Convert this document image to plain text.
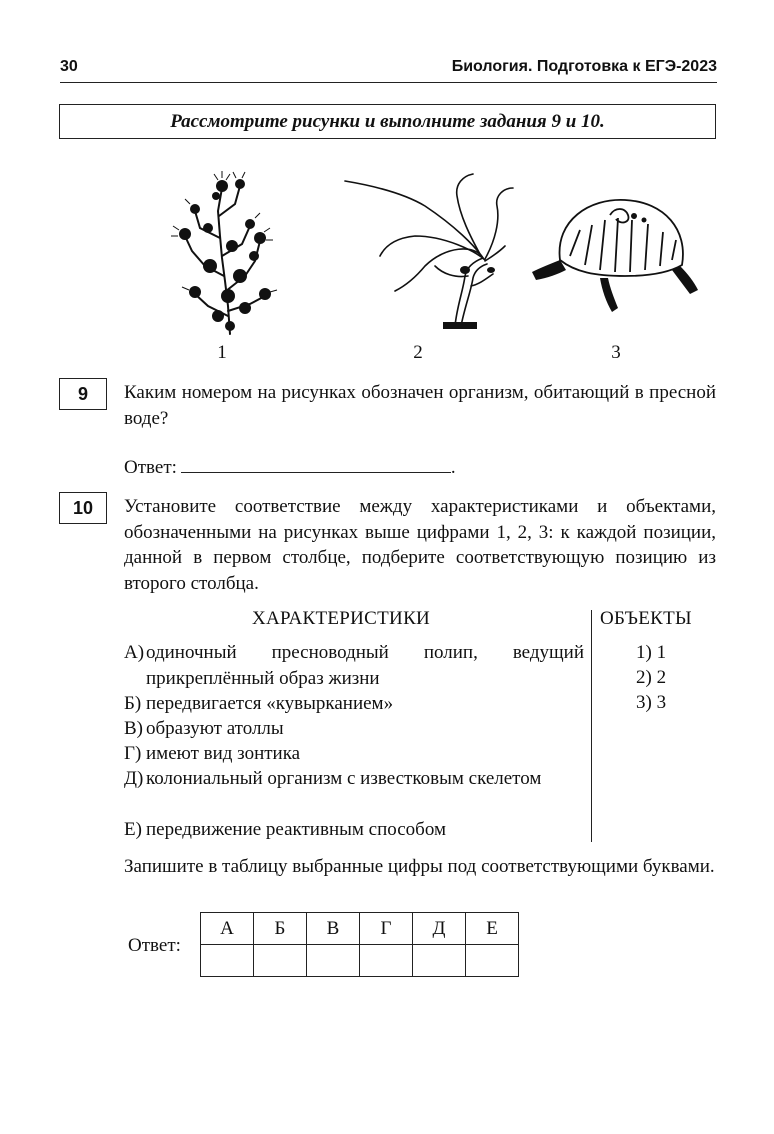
30	Биология. Подготовка к ЕГЭ-2023
Рассмотрите рисунки и выполните задания 9 и 10.
1	2	3
9	Каким номером на рисунках обозначен организм, обитающий в пресной воде?
Ответ:	.
10	Установите соответствие между характеристиками и объектами, обозначенными на рисунках выше цифрами 1, 2, 3: к каждой позиции, данной в первом столбце, подберите соответствующую позицию из второго столбца.
ХАРАКТЕРИСТИКИ	ОБЪЕКТЫ
А) одиночный пресноводный полип, ведущий прикреплённый образ жизни
Б) передвигается «кувырканием»
В) образуют атоллы
Г) имеют вид зонтика
Д) колониальный организм с известковым скелетом
Е) передвижение реактивным способом
1) 1
2) 2
3) 3
Запишите в таблицу выбранные цифры под соответствующими буквами.
Ответ:
А	Б	В	Г	Д	Е
